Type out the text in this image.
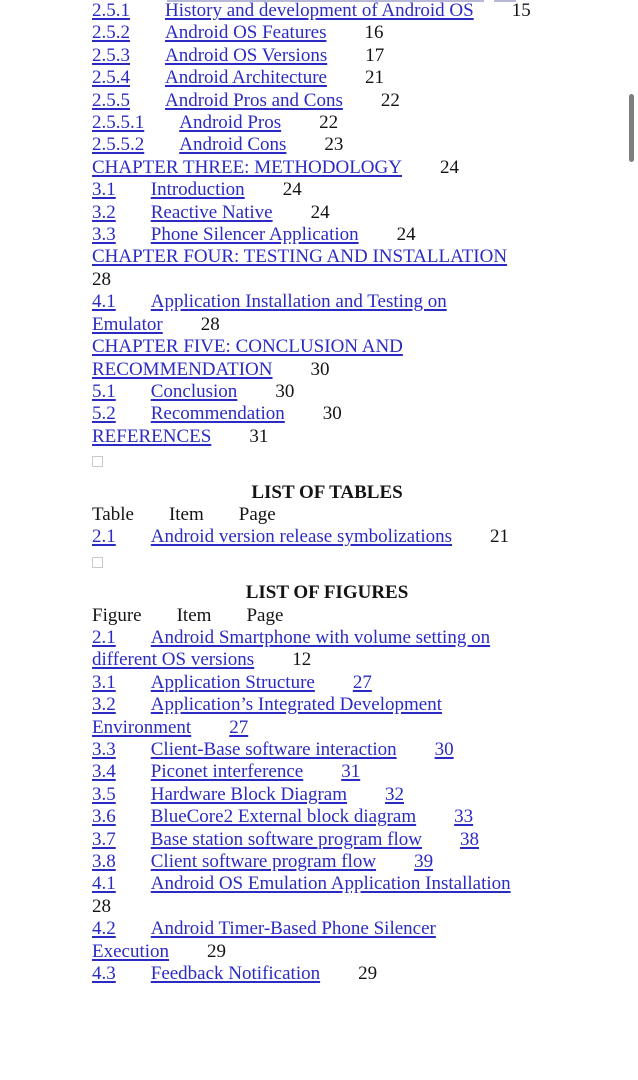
2.5.1 History and development of Android OS 15
2.5.2 Android OS Features 16
2.5.3 Android OS Versions 17
2.5.4 Android Architecture 21
2.5.5 Android Pros and Cons 22
2.5.5.1 Android Pros 22
2.5.5.2 Android Cons 23
CHAPTER THREE: METHODOLOGY 24
3.1 Introduction 24
3.2 Reactive Native 24
3.3 Phone Silencer Application 24
CHAPTER FOUR: TESTING AND INSTALLATION
28
4.1 Application Installation and Testing on
Emulator 28
CHAPTER FIVE: CONCLUSION AND
RECOMMENDATION 30
5.1 Conclusion 30
5.2 Recommendation 30
REFERENCES 31
LIST OF TABLES
Table Item Page
2.1 Android version release symbolizations 21
LIST OF FIGURES
Figure Item Page
2.1 Android Smartphone with volume setting on
different OS versions 12
3.1 Application Structure 27
3.2 Application’s Integrated Development
Environment 27
3.3 Client-Base software interaction 30
3.4 Piconet interference 31
3.5 Hardware Block Diagram 32
3.6 BlueCore2 External block diagram 33
3.7 Base station software program flow 38
3.8 Client software program flow 39
4.1 Android OS Emulation Application Installation
28
4.2 Android Timer-Based Phone Silencer
Execution 29
4.3 Feedback Notification 29
